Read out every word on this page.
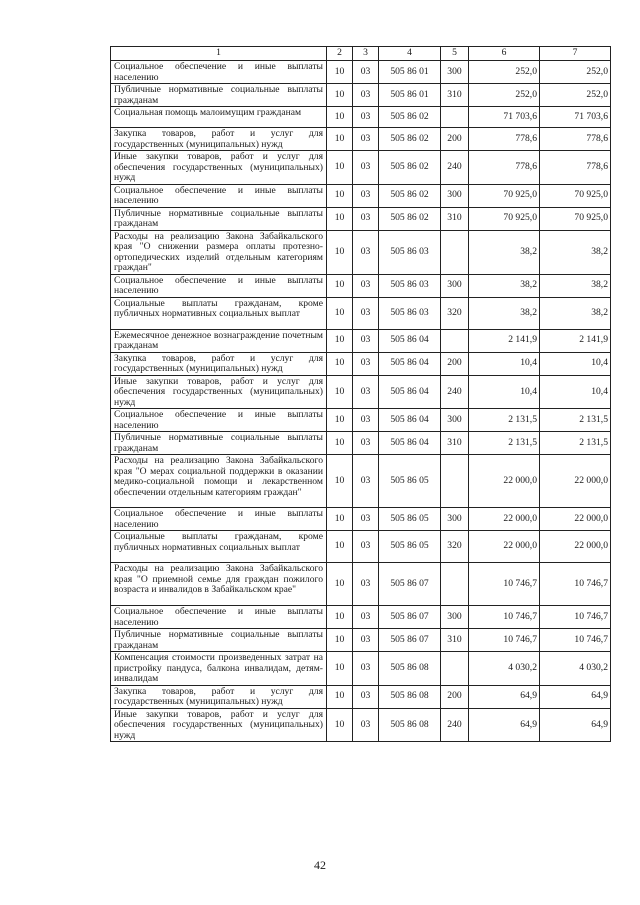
1	2	3	4	5	6	7
Социальное обеспечение и иные выплаты населению	10	03	505 86 01	300	252,0	252,0
Публичные нормативные социальные выплаты гражданам	10	03	505 86 01	310	252,0	252,0
Социальная помощь малоимущим гражданам	10	03	505 86 02		71 703,6	71 703,6
Закупка товаров, работ и услуг для государственных (муниципальных) нужд	10	03	505 86 02	200	778,6	778,6
Иные закупки товаров, работ и услуг для обеспечения государственных (муниципальных) нужд	10	03	505 86 02	240	778,6	778,6
Социальное обеспечение и иные выплаты населению	10	03	505 86 02	300	70 925,0	70 925,0
Публичные нормативные социальные выплаты гражданам	10	03	505 86 02	310	70 925,0	70 925,0
Расходы на реализацию Закона Забайкальского края "О снижении размера оплаты протезно-ортопедических изделий отдельным категориям граждан"	10	03	505 86 03		38,2	38,2
Социальное обеспечение и иные выплаты населению	10	03	505 86 03	300	38,2	38,2
Социальные выплаты гражданам, кроме публичных нормативных социальных выплат	10	03	505 86 03	320	38,2	38,2
Ежемесячное денежное вознаграждение почетным гражданам	10	03	505 86 04		2 141,9	2 141,9
Закупка товаров, работ и услуг для государственных (муниципальных) нужд	10	03	505 86 04	200	10,4	10,4
Иные закупки товаров, работ и услуг для обеспечения государственных (муниципальных) нужд	10	03	505 86 04	240	10,4	10,4
Социальное обеспечение и иные выплаты населению	10	03	505 86 04	300	2 131,5	2 131,5
Публичные нормативные социальные выплаты гражданам	10	03	505 86 04	310	2 131,5	2 131,5
Расходы на реализацию Закона Забайкальского края "О мерах социальной поддержки в оказании медико-социальной помощи и лекарственном обеспечении отдельным категориям граждан"	10	03	505 86 05		22 000,0	22 000,0
Социальное обеспечение и иные выплаты населению	10	03	505 86 05	300	22 000,0	22 000,0
Социальные выплаты гражданам, кроме публичных нормативных социальных выплат	10	03	505 86 05	320	22 000,0	22 000,0
Расходы на реализацию Закона Забайкальского края "О приемной семье для граждан пожилого возраста и инвалидов в Забайкальском крае"	10	03	505 86 07		10 746,7	10 746,7
Социальное обеспечение и иные выплаты населению	10	03	505 86 07	300	10 746,7	10 746,7
Публичные нормативные социальные выплаты гражданам	10	03	505 86 07	310	10 746,7	10 746,7
Компенсация стоимости произведенных затрат на пристройку пандуса, балкона инвалидам, детям-инвалидам	10	03	505 86 08		4 030,2	4 030,2
Закупка товаров, работ и услуг для государственных (муниципальных) нужд	10	03	505 86 08	200	64,9	64,9
Иные закупки товаров, работ и услуг для обеспечения государственных (муниципальных) нужд	10	03	505 86 08	240	64,9	64,9
42
